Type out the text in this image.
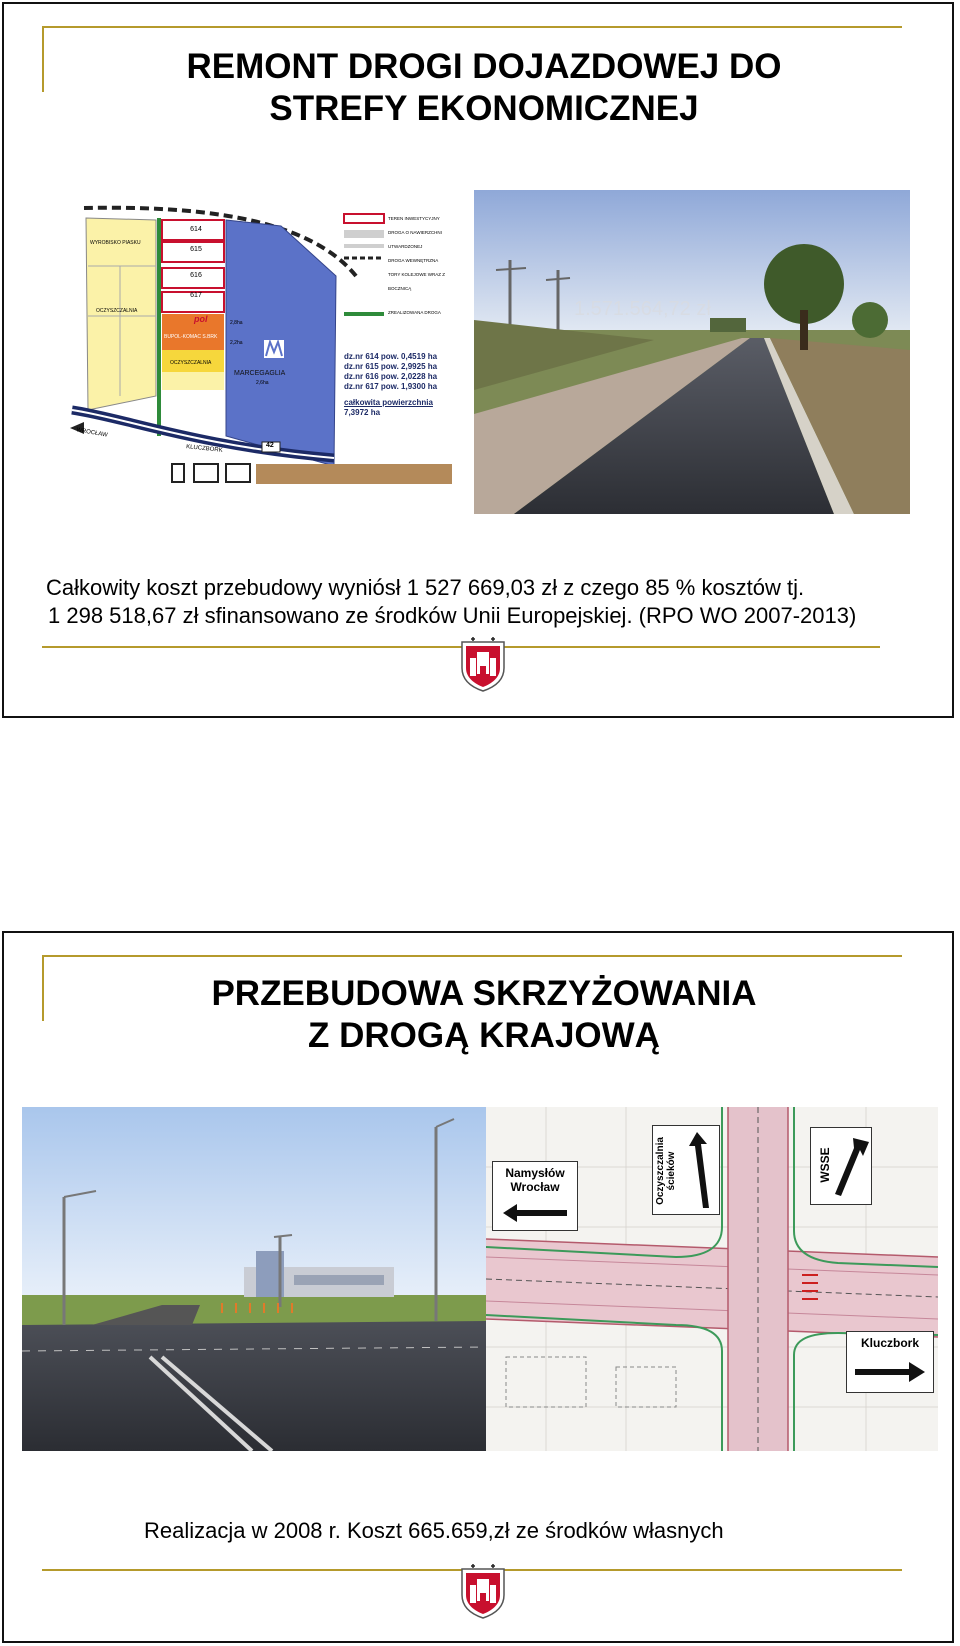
REMONT DROGI DOJAZDOWEJ DO
STREFY EKONOMICZNEJ
614
615
616
617
WYROBISKO PIASKU
OCZYSZCZALNIA
pol
BUPOL-KOMAC S.BRK
2,8ha
2,2ha
OCZYSZCZALNIA
MARCEGAGLIA
2,6ha
TEREN INWESTYCYJNY
DROGA O NAWIERZCHNI UTWARDZONEJ
DROGA WEWNĘTRZNA
TORY KOLEJOWE WRAZ Z BOCZNICĄ
ZREALIZOWANA DROGA
dz.nr 614 pow. 0,4519 ha
dz.nr 615 pow. 2,9925 ha
dz.nr 616 pow. 2,0228 ha
dz.nr 617 pow. 1,9300 ha
całkowita powierzchnia
7,3972 ha
WROCŁAW
KLUCZBORK	42
1.571.564,72 zł
Całkowity koszt przebudowy wyniósł 1 527 669,03 zł z czego 85 % kosztów tj.
1 298 518,67 zł sfinansowano ze środków Unii Europejskiej. (RPO WO 2007-2013)
PRZEBUDOWA SKRZYŻOWANIA
Z DROGĄ KRAJOWĄ
Namysłów
Wrocław	Oczyszczalnia ścieków	WSSE
Kluczbork
Realizacja w 2008 r. Koszt 665.659,zł ze środków własnych
